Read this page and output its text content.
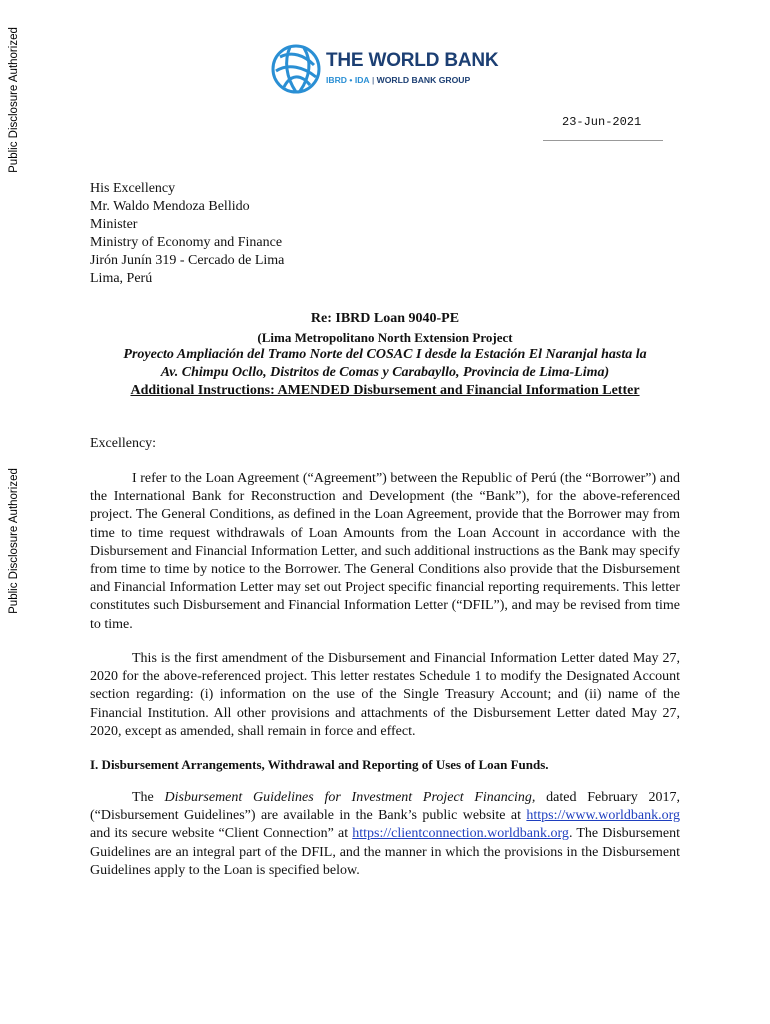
Public Disclosure Authorized
Public Disclosure Authorized
THE WORLD BANK
IBRD • IDA | WORLD BANK GROUP
23-Jun-2021
His Excellency
Mr. Waldo Mendoza Bellido
Minister
Ministry of Economy and Finance
Jirón Junín 319 - Cercado de Lima
Lima, Perú
Re: IBRD Loan 9040-PE
(Lima Metropolitano North Extension Project
Proyecto Ampliación del Tramo Norte del COSAC I desde la Estación El Naranjal hasta la
Av. Chimpu Ocllo, Distritos de Comas y Carabayllo, Provincia de Lima-Lima)
Additional Instructions: AMENDED Disbursement and Financial Information Letter
Excellency:

I refer to the Loan Agreement (“Agreement”) between the Republic of Perú (the “Borrower”) and the International Bank for Reconstruction and Development (the “Bank”), for the above-referenced project. The General Conditions, as defined in the Loan Agreement, provide that the Borrower may from time to time request withdrawals of Loan Amounts from the Loan Account in accordance with the Disbursement and Financial Information Letter, and such additional instructions as the Bank may specify from time to time by notice to the Borrower. The General Conditions also provide that the Disbursement and Financial Information Letter may set out Project specific financial reporting requirements. This letter constitutes such Disbursement and Financial Information Letter (“DFIL”), and may be revised from time to time.

This is the first amendment of the Disbursement and Financial Information Letter dated May 27, 2020 for the above-referenced project. This letter restates Schedule 1 to modify the Designated Account section regarding: (i) information on the use of the Single Treasury Account; and (ii) name of the Financial Institution. All other provisions and attachments of the Disbursement Letter dated May 27, 2020, except as amended, shall remain in force and effect.

I. Disbursement Arrangements, Withdrawal and Reporting of Uses of Loan Funds.

The Disbursement Guidelines for Investment Project Financing, dated February 2017, (“Disbursement Guidelines”) are available in the Bank’s public website at https://www.worldbank.org and its secure website “Client Connection” at https://clientconnection.worldbank.org. The Disbursement Guidelines are an integral part of the DFIL, and the manner in which the provisions in the Disbursement Guidelines apply to the Loan is specified below.
